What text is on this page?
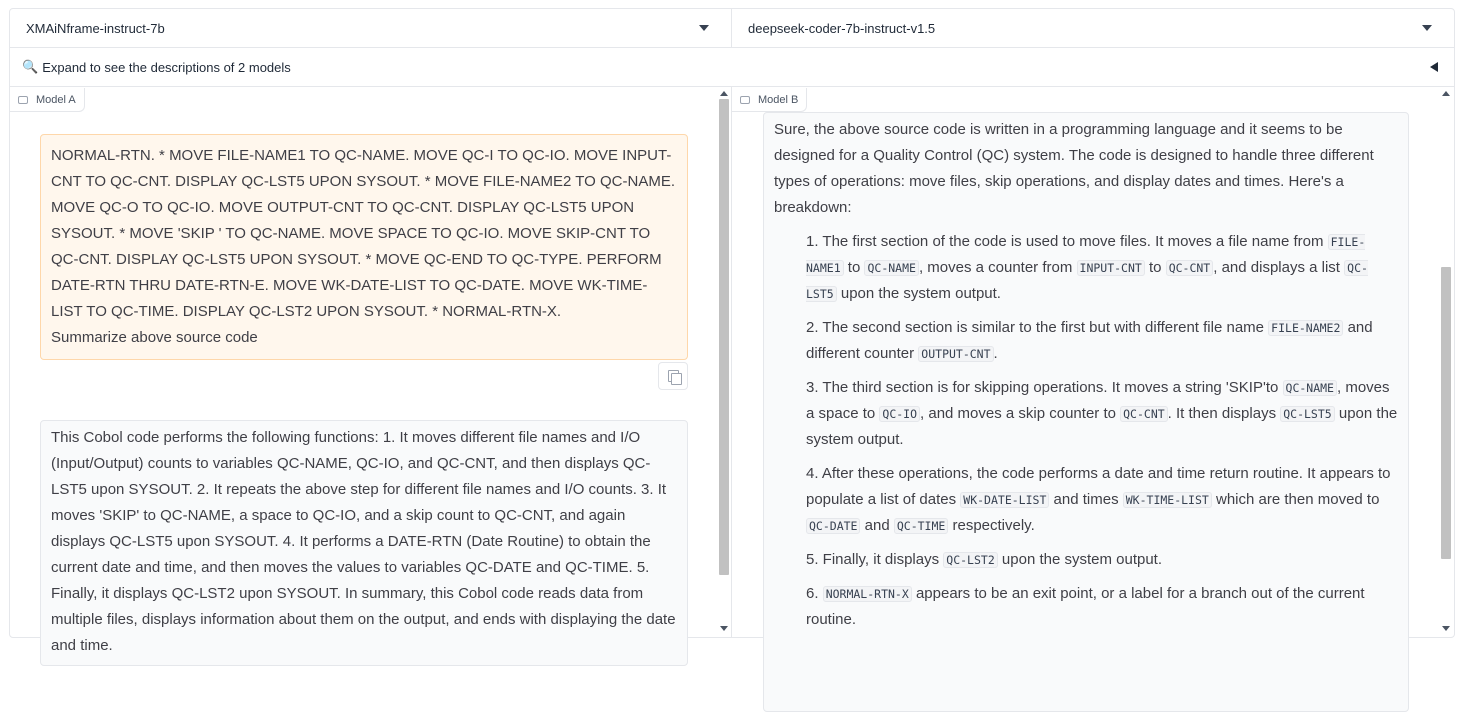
XMAiNframe-instruct-7b	deepseek-coder-7b-instruct-v1.5
🔍 Expand to see the descriptions of 2 models
Model A
NORMAL-RTN. * MOVE FILE-NAME1 TO QC-NAME. MOVE QC-I TO QC-IO. MOVE INPUT-CNT TO QC-CNT. DISPLAY QC-LST5 UPON SYSOUT. * MOVE FILE-NAME2 TO QC-NAME. MOVE QC-O TO QC-IO. MOVE OUTPUT-CNT TO QC-CNT. DISPLAY QC-LST5 UPON SYSOUT. * MOVE 'SKIP ' TO QC-NAME. MOVE SPACE TO QC-IO. MOVE SKIP-CNT TO QC-CNT. DISPLAY QC-LST5 UPON SYSOUT. * MOVE QC-END TO QC-TYPE. PERFORM DATE-RTN THRU DATE-RTN-E. MOVE WK-DATE-LIST TO QC-DATE. MOVE WK-TIME-LIST TO QC-TIME. DISPLAY QC-LST2 UPON SYSOUT. * NORMAL-RTN-X.
Summarize above source code
This Cobol code performs the following functions: 1. It moves different file names and I/O (Input/Output) counts to variables QC-NAME, QC-IO, and QC-CNT, and then displays QC-LST5 upon SYSOUT. 2. It repeats the above step for different file names and I/O counts. 3. It moves 'SKIP' to QC-NAME, a space to QC-IO, and a skip count to QC-CNT, and again displays QC-LST5 upon SYSOUT. 4. It performs a DATE-RTN (Date Routine) to obtain the current date and time, and then moves the values to variables QC-DATE and QC-TIME. 5. Finally, it displays QC-LST2 upon SYSOUT. In summary, this Cobol code reads data from multiple files, displays information about them on the output, and ends with displaying the date and time.
Model B
Sure, the above source code is written in a programming language and it seems to be designed for a Quality Control (QC) system. The code is designed to handle three different types of operations: move files, skip operations, and display dates and times. Here's a breakdown:
1. The first section of the code is used to move files. It moves a file name from FILE-NAME1 to QC-NAME , moves a counter from INPUT-CNT to QC-CNT , and displays a list QC-LST5 upon the system output.
2. The second section is similar to the first but with different file name FILE-NAME2 and different counter OUTPUT-CNT .
3. The third section is for skipping operations. It moves a string 'SKIP'to QC-NAME , moves a space to QC-IO , and moves a skip counter to QC-CNT . It then displays QC-LST5 upon the system output.
4. After these operations, the code performs a date and time return routine. It appears to populate a list of dates WK-DATE-LIST and times WK-TIME-LIST which are then moved to QC-DATE and QC-TIME respectively.
5. Finally, it displays QC-LST2 upon the system output.
6. NORMAL-RTN-X appears to be an exit point, or a label for a branch out of the current routine.
